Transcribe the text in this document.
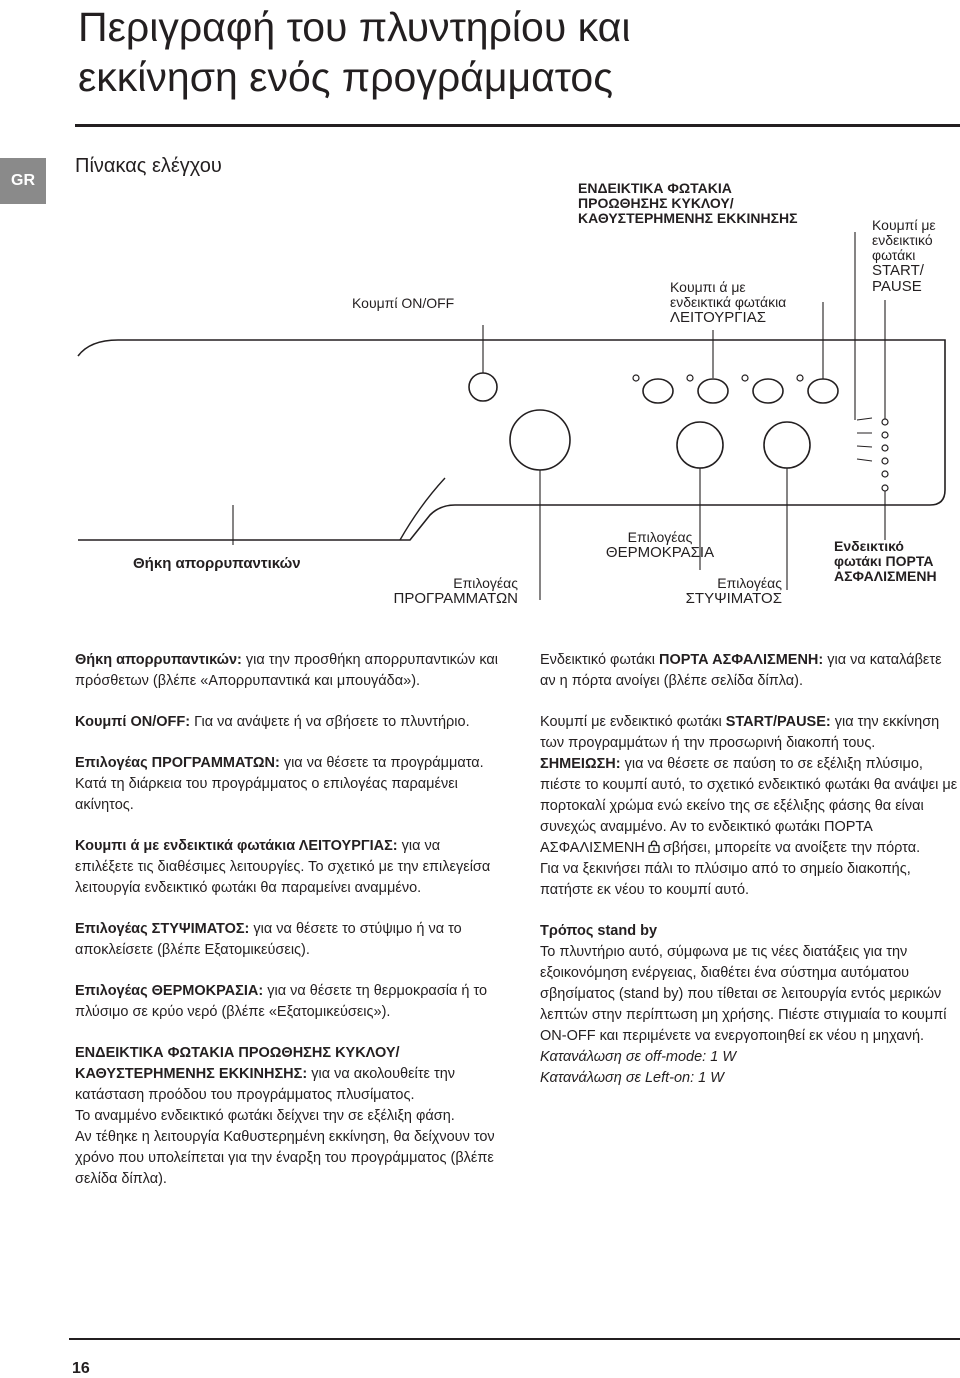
Περιγραφή του πλυντηρίου και
εκκίνηση ενός προγράμματος
GR
Πίνακας ελέγχου
ΕΝΔΕΙΚΤΙΚΑ ΦΩΤΑΚΙΑ
ΠΡΟΩΘΗΣΗΣ ΚΥΚΛΟΥ/
ΚΑΘΥΣΤΕΡΗΜΕΝΗΣ ΕΚΚΙΝΗΣΗΣ	Κουμπί με
ενδεικτικό
φωτάκι
START/
PAUSE
Κουμπί ON/OFF
Κουμπι ά με
ενδεικτικά φωτάκια
ΛΕΙΤΟΥΡΓΙΑΣ
Θήκη απορρυπαντικών
Επιλογέας
ΠΡΟΓΡΑΜΜΑΤΩΝ
Επιλογέας
ΘΕΡΜΟΚΡΑΣΙΑ
Επιλογέας
ΣΤΥΨΙΜΑΤΟΣ
Ενδεικτικό
φωτάκι ΠΟΡΤΑ
ΑΣΦΑΛΙΣΜΕΝΗ

Θήκη απορρυπαντικών: για την προσθήκη απορρυπαντικών και πρόσθετων (βλέπε «Απορρυπαντικά και μπουγάδα»).

Κουμπί ON/OFF: Για να ανάψετε ή να σβήσετε το πλυντήριο.

Επιλογέας ΠΡΟΓΡΑΜΜΑΤΩΝ: για να θέσετε τα προγράμματα. Κατά τη διάρκεια του προγράμματος ο επιλογέας παραμένει ακίνητος.

Κουμπι ά με ενδεικτικά φωτάκια ΛΕΙΤΟΥΡΓΙΑΣ: για να επιλέξετε τις διαθέσιμες λειτουργίες. Το σχετικό με την επιλεγείσα λειτουργία ενδεικτικό φωτάκι θα παραμείνει αναμμένο.

Επιλογέας ΣΤΥΨΙΜΑΤΟΣ: για να θέσετε το στύψιμο ή να το αποκλείσετε (βλέπε Εξατομικεύσεις).

Επιλογέας ΘΕΡΜΟΚΡΑΣΙΑ: για να θέσετε τη θερμοκρασία ή το πλύσιμο σε κρύο νερό (βλέπε «Εξατομικεύσεις»).

ΕΝΔΕΙΚΤΙΚΑ ΦΩΤΑΚΙΑ ΠΡΟΩΘΗΣΗΣ ΚΥΚΛΟΥ/ ΚΑΘΥΣΤΕΡΗΜΕΝΗΣ ΕΚΚΙΝΗΣΗΣ: για να ακολουθείτε την κατάσταση προόδου του προγράμματος πλυσίματος.

Το αναμμένο ενδεικτικό φωτάκι δείχνει την σε εξέλιξη φάση.

Αν τέθηκε η λειτουργία Καθυστερημένη εκκίνηση, θα δείχνουν τον χρόνο που υπολείπεται για την έναρξη του προγράμματος (βλέπε σελίδα δίπλα).

Ενδεικτικό φωτάκι ΠΟΡΤΑ ΑΣΦΑΛΙΣΜΕΝΗ: για να καταλάβετε αν η πόρτα ανοίγει (βλέπε σελίδα δίπλα).

Κουμπί με ενδεικτικό φωτάκι START/PAUSE: για την εκκίνηση των προγραμμάτων ή την προσωρινή διακοπή τους.

ΣΗΜΕΙΩΣΗ: για να θέσετε σε παύση το σε εξέλιξη πλύσιμο, πιέστε το κουμπί αυτό, το σχετικό ενδεικτικό φωτάκι θα ανάψει με πορτοκαλί χρώμα ενώ εκείνο της σε εξέλιξης φάσης θα είναι συνεχώς αναμμένο. Αν το ενδεικτικό φωτάκι ΠΟΡΤΑ ΑΣΦΑΛΙΣΜΕΝΗ σβήσει, μπορείτε να ανοίξετε την πόρτα.

Για να ξεκινήσει πάλι το πλύσιμο από το σημείο διακοπής, πατήστε εκ νέου το κουμπί αυτό.

Τρόπος stand by

Το πλυντήριο αυτό, σύμφωνα με τις νέες διατάξεις για την εξοικονόμηση ενέργειας, διαθέτει ένα σύστημα αυτόματου σβησίματος (stand by) που τίθεται σε λειτουργία εντός μερικών λεπτών στην περίπτωση μη χρήσης. Πιέστε στιγμιαία το κουμπί ON-OFF και περιμένετε να ενεργοποιηθεί εκ νέου η μηχανή.

Κατανάλωση σε off-mode: 1 W

Κατανάλωση σε Left-on: 1 W

16
